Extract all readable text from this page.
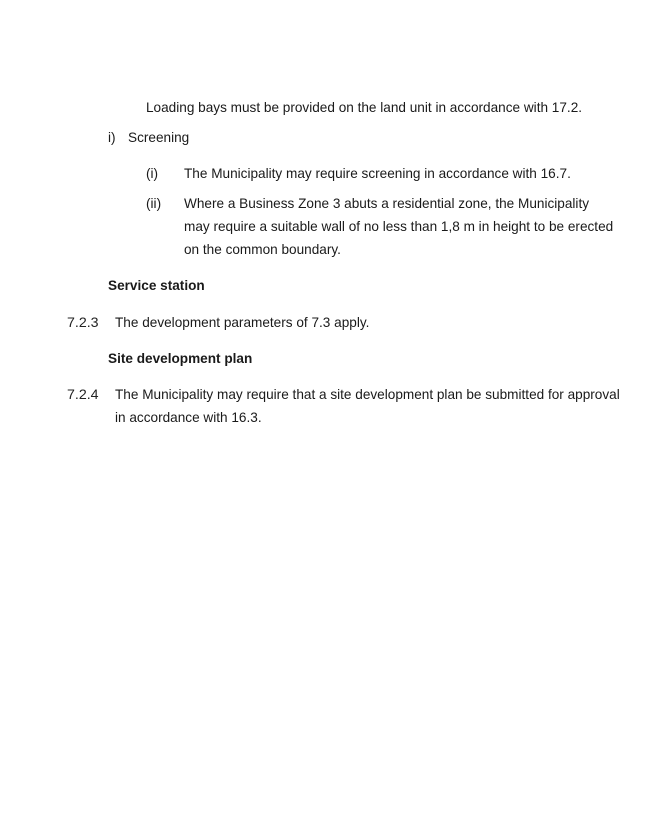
Loading bays must be provided on the land unit in accordance with 17.2.
i) Screening
(i) The Municipality may require screening in accordance with 16.7.
(ii) Where a Business Zone 3 abuts a residential zone, the Municipality
may require a suitable wall of no less than 1,8 m in height to be erected
on the common boundary.
Service station
7.2.3 The development parameters of 7.3 apply.
Site development plan
7.2.4 The Municipality may require that a site development plan be submitted for approval
in accordance with 16.3.
